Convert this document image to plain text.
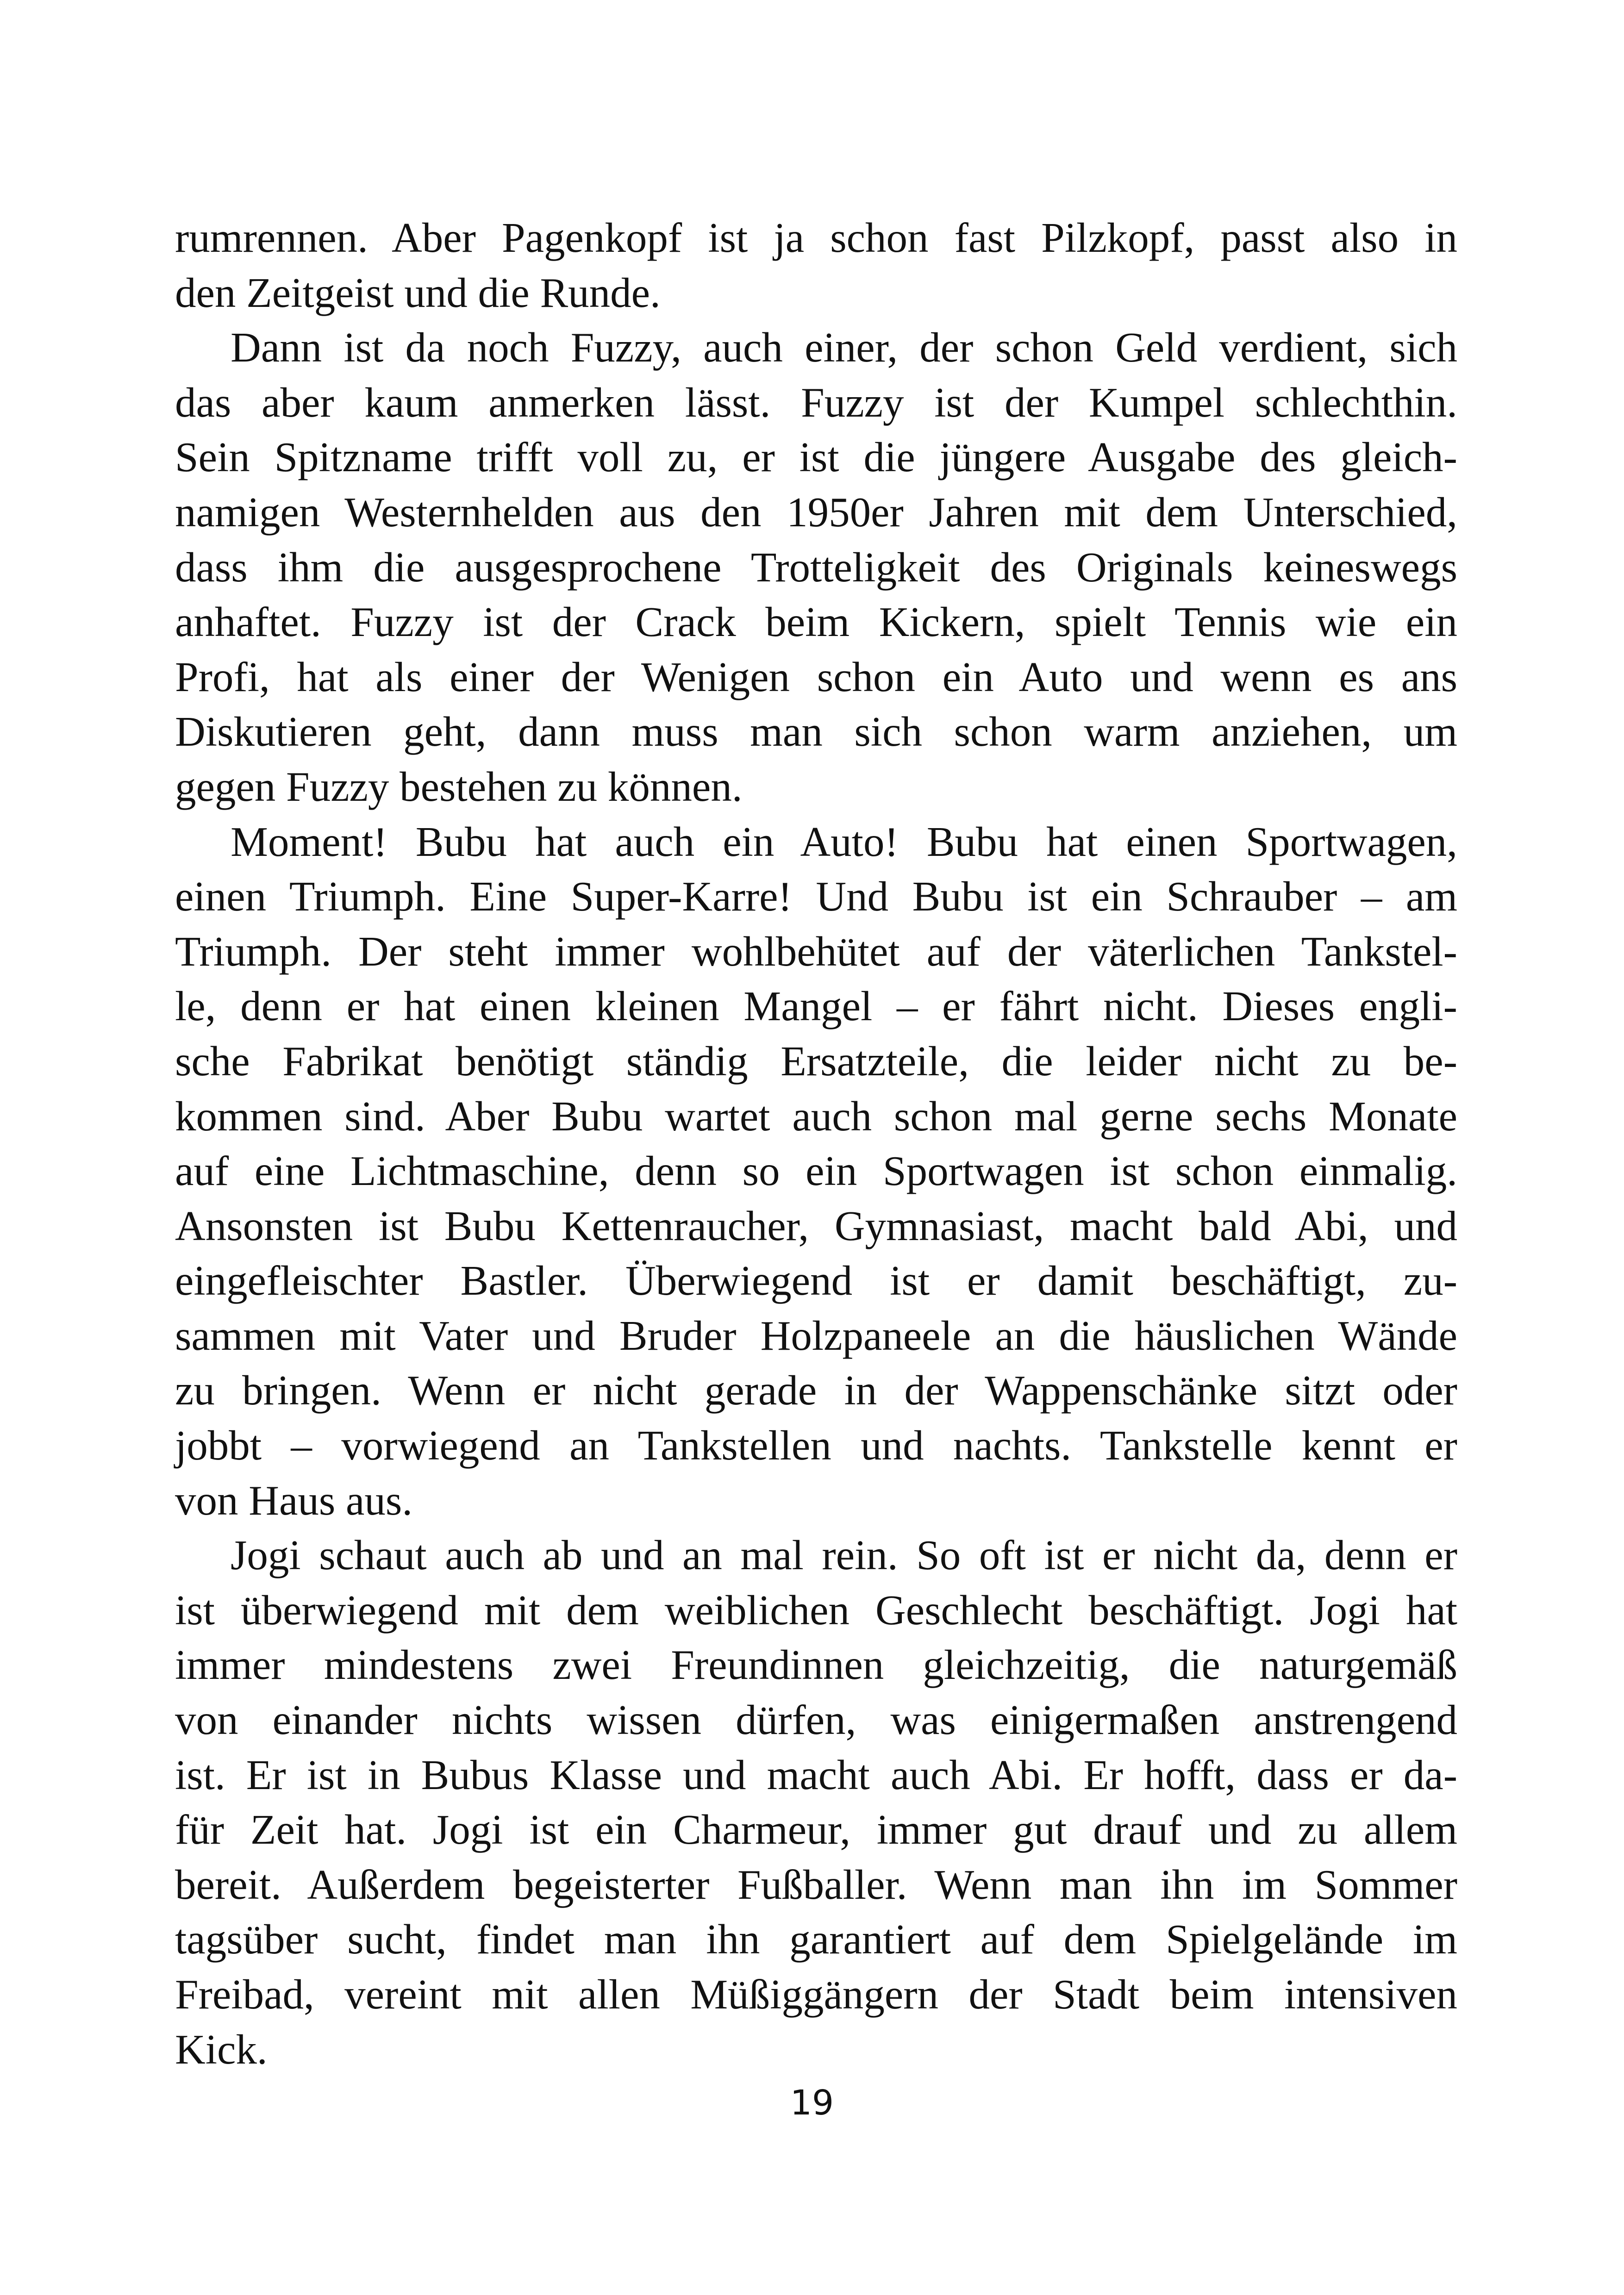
rumrennen. Aber Pagenkopf ist ja schon fast Pilzkopf, passt also in
den Zeitgeist und die Runde.

Dann ist da noch Fuzzy, auch einer, der schon Geld verdient, sich
das aber kaum anmerken lässt. Fuzzy ist der Kumpel schlechthin.
Sein Spitzname trifft voll zu, er ist die jüngere Ausgabe des gleich-
namigen Westernhelden aus den 1950er Jahren mit dem Unterschied,
dass ihm die ausgesprochene Trotteligkeit des Originals keineswegs
anhaftet. Fuzzy ist der Crack beim Kickern, spielt Tennis wie ein
Profi, hat als einer der Wenigen schon ein Auto und wenn es ans
Diskutieren geht, dann muss man sich schon warm anziehen, um
gegen Fuzzy bestehen zu können.

Moment! Bubu hat auch ein Auto! Bubu hat einen Sportwagen,
einen Triumph. Eine Super-Karre! Und Bubu ist ein Schrauber – am
Triumph. Der steht immer wohlbehütet auf der väterlichen Tankstel-
le, denn er hat einen kleinen Mangel – er fährt nicht. Dieses engli-
sche Fabrikat benötigt ständig Ersatzteile, die leider nicht zu be-
kommen sind. Aber Bubu wartet auch schon mal gerne sechs Monate
auf eine Lichtmaschine, denn so ein Sportwagen ist schon einmalig.
Ansonsten ist Bubu Kettenraucher, Gymnasiast, macht bald Abi, und
eingefleischter Bastler. Überwiegend ist er damit beschäftigt, zu-
sammen mit Vater und Bruder Holzpaneele an die häuslichen Wände
zu bringen. Wenn er nicht gerade in der Wappenschänke sitzt oder
jobbt – vorwiegend an Tankstellen und nachts. Tankstelle kennt er
von Haus aus.

Jogi schaut auch ab und an mal rein. So oft ist er nicht da, denn er
ist überwiegend mit dem weiblichen Geschlecht beschäftigt. Jogi hat
immer mindestens zwei Freundinnen gleichzeitig, die naturgemäß
von einander nichts wissen dürfen, was einigermaßen anstrengend
ist. Er ist in Bubus Klasse und macht auch Abi. Er hofft, dass er da-
für Zeit hat. Jogi ist ein Charmeur, immer gut drauf und zu allem
bereit. Außerdem begeisterter Fußballer. Wenn man ihn im Sommer
tagsüber sucht, findet man ihn garantiert auf dem Spielgelände im
Freibad, vereint mit allen Müßiggängern der Stadt beim intensiven
Kick.

19
